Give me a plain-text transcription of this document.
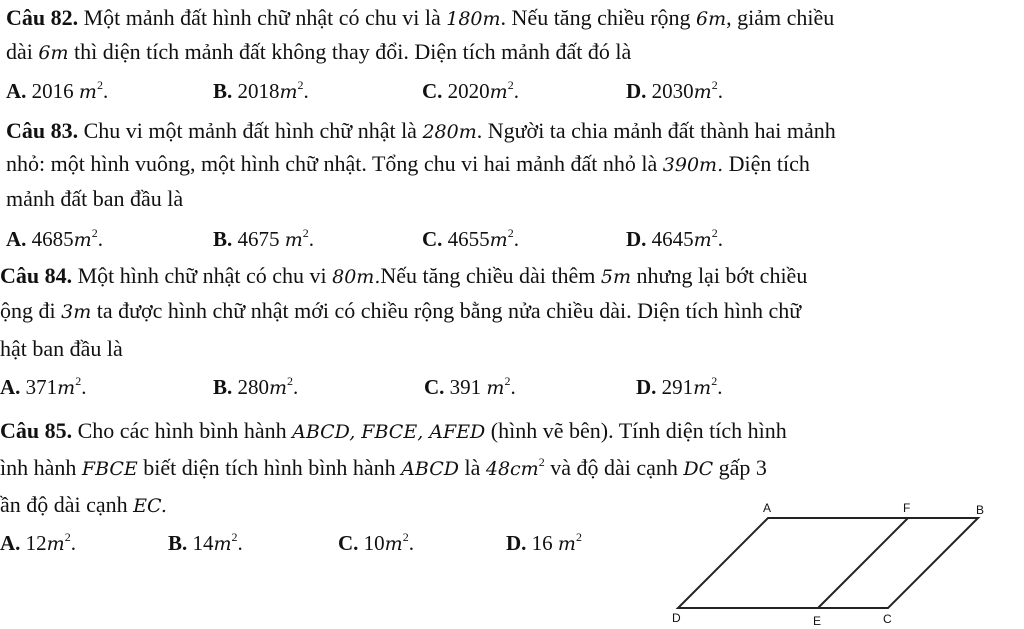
Câu 82. Một mảnh đất hình chữ nhật có chu vi là 180m. Nếu tăng chiều rộng 6m, giảm chiều
dài 6m thì diện tích mảnh đất không thay đổi. Diện tích mảnh đất đó là
A. 2016 $m^2$.	B. $2018m^2$.	C. $2020m^2$.	D. $2030m^2$.
Câu 83. Chu vi một mảnh đất hình chữ nhật là 280m. Người ta chia mảnh đất thành hai mảnh
nhỏ: một hình vuông, một hình chữ nhật. Tổng chu vi hai mảnh đất nhỏ là 390m. Diện tích
mảnh đất ban đầu là
A. $4685m^2$.	B. 4675 $m^2$.	C. $4655m^2$.	D. $4645m^2$.
Câu 84. Một hình chữ nhật có chu vi 80m.Nếu tăng chiều dài thêm 5m nhưng lại bớt chiều
ộng đi 3m ta được hình chữ nhật mới có chiều rộng bằng nửa chiều dài. Diện tích hình chữ
hật ban đầu là
A. $371m^2$.	B. $280m^2$.	C. 391 $m^2$.	D. $291m^2$.
Câu 85. Cho các hình bình hành ABCD, FBCE, AFED (hình vẽ bên). Tính diện tích hình
ình hành FBCE biết diện tích hình bình hành ABCD là $48cm^2$ và độ dài cạnh DC gấp 3
ần độ dài cạnh EC.
A. $12m^2$.	B. $14m^2$.	C. $10m^2$.	D. 16 $m^2$
A	F	B
D	E	C
